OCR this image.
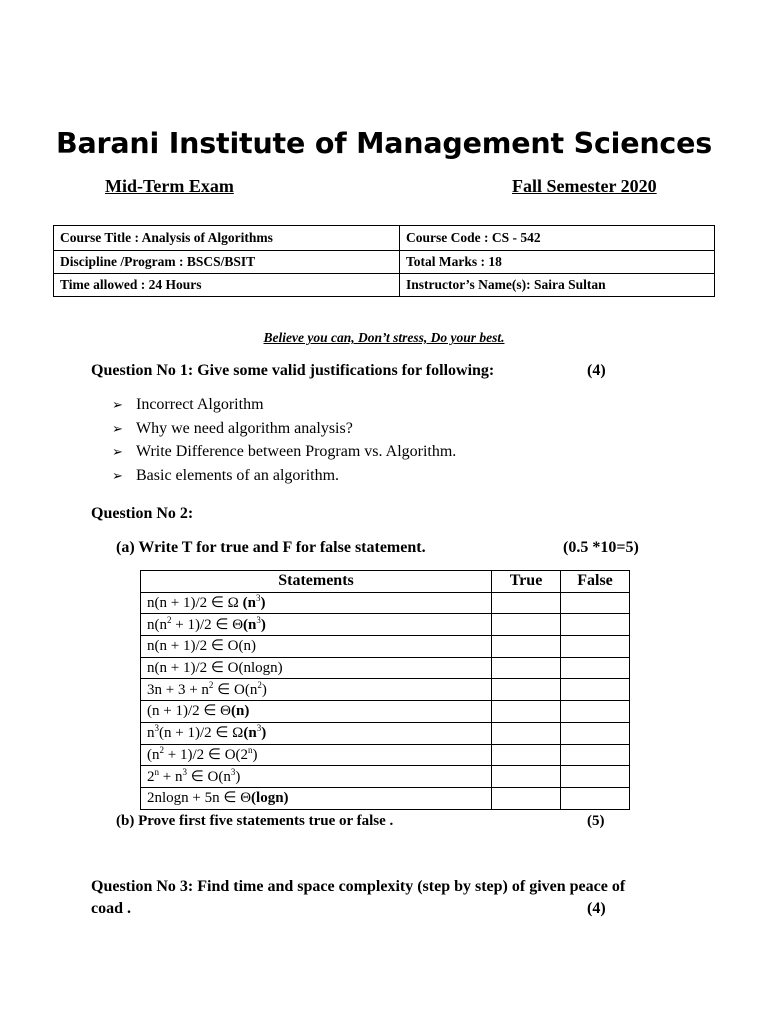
Barani Institute of Management Sciences
Mid-Term Exam	Fall Semester 2020
Course Title : Analysis of Algorithms	Course Code : CS - 542
Discipline /Program : BSCS/BSIT	Total Marks : 18
Time allowed : 24 Hours	Instructor’s Name(s): Saira Sultan
Believe you can, Don’t stress, Do your best.
Question No 1: Give some valid justifications for following:	(4)
➢ Incorrect Algorithm
➢ Why we need algorithm analysis?
➢ Write Difference between Program vs. Algorithm.
➢ Basic elements of an algorithm.
Question No 2:
(a) Write T for true and F for false statement.	(0.5 *10=5)
Statements	True	False
n(n + 1)/2 ∈ Ω $(n^3)$		
$n(n^2 + 1)/2$ ∈ $\Theta(n^3)$		
n(n + 1)/2 ∈ O(n)		
n(n + 1)/2 ∈ O(nlogn)		
$3n + 3 + n^2$ ∈ $O(n^2)$		
(n + 1)/2 ∈ Θ(n)		
$n^3(n + 1)/2$ ∈ $\Omega(n^3)$		
$(n^2 + 1)/2$ ∈ O(2$^n$)		
$2^n + n^3$ ∈ $O(n^3)$		
2nlogn + 5n ∈ Θ(logn)		
(b) Prove first five statements true or false .	(5)
Question No 3: Find time and space complexity (step by step) of given peace of
coad .	(4)
